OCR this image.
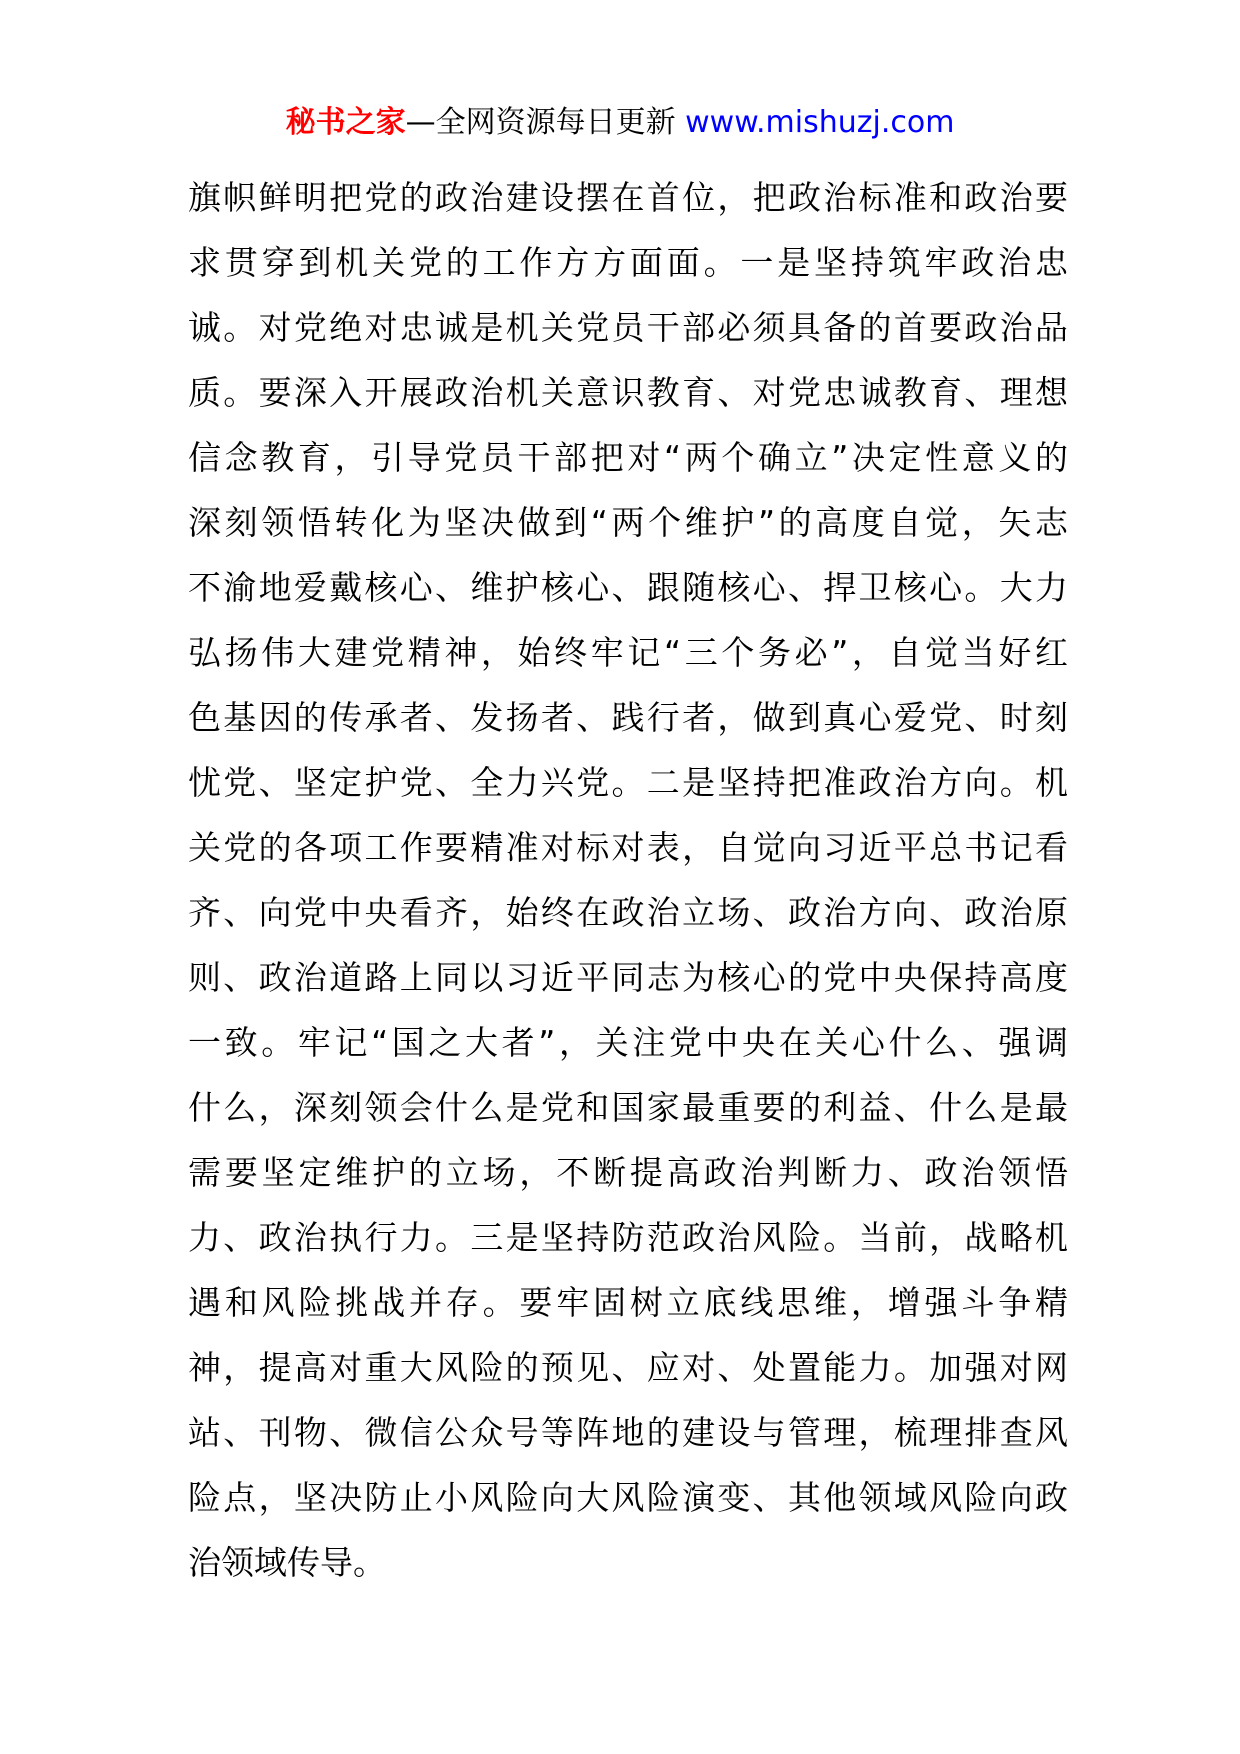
秘书之家—全网资源每日更新 www.mishuzj.com
旗帜鲜明把党的政治建设摆在首位，把政治标准和政治要
求贯穿到机关党的工作方方面面。一是坚持筑牢政治忠
诚。对党绝对忠诚是机关党员干部必须具备的首要政治品
质。要深入开展政治机关意识教育、对党忠诚教育、理想
信念教育，引导党员干部把对“两个确立”决定性意义的
深刻领悟转化为坚决做到“两个维护”的高度自觉，矢志
不渝地爱戴核心、维护核心、跟随核心、捍卫核心。大力
弘扬伟大建党精神，始终牢记“三个务必”，自觉当好红
色基因的传承者、发扬者、践行者，做到真心爱党、时刻
忧党、坚定护党、全力兴党。二是坚持把准政治方向。机
关党的各项工作要精准对标对表，自觉向习近平总书记看
齐、向党中央看齐，始终在政治立场、政治方向、政治原
则、政治道路上同以习近平同志为核心的党中央保持高度
一致。牢记“国之大者”，关注党中央在关心什么、强调
什么，深刻领会什么是党和国家最重要的利益、什么是最
需要坚定维护的立场，不断提高政治判断力、政治领悟
力、政治执行力。三是坚持防范政治风险。当前，战略机
遇和风险挑战并存。要牢固树立底线思维，增强斗争精
神，提高对重大风险的预见、应对、处置能力。加强对网
站、刊物、微信公众号等阵地的建设与管理，梳理排查风
险点，坚决防止小风险向大风险演变、其他领域风险向政
治领域传导。
